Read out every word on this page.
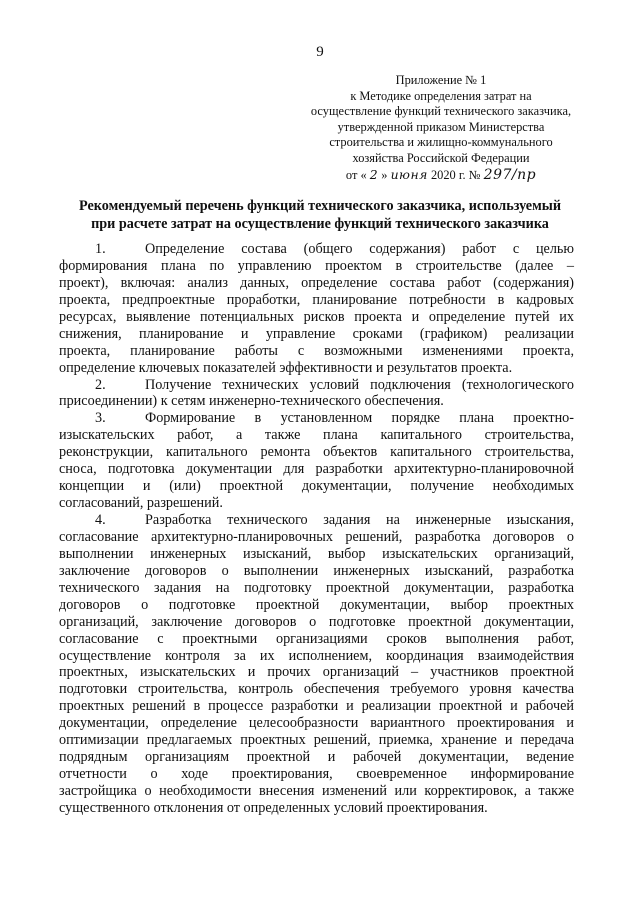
9
Приложение № 1
к Методике определения затрат на
осуществление функций технического заказчика,
утвержденной приказом Министерства
строительства и жилищно-коммунального
хозяйства Российской Федерации
от « 2 » июня 2020 г. № 297/пр
Рекомендуемый перечень функций технического заказчика, используемый
при расчете затрат на осуществление функций технического заказчика
1.	Определение состава (общего содержания) работ с целью
формирования плана по управлению проектом в строительстве (далее –
проект), включая: анализ данных, определение состава работ (содержания)
проекта, предпроектные проработки, планирование потребности в кадровых
ресурсах, выявление потенциальных рисков проекта и определение путей их
снижения, планирование и управление сроками (графиком) реализации
проекта, планирование работы с возможными изменениями проекта,
определение ключевых показателей эффективности и результатов проекта.
2.	Получение технических условий подключения (технологического
присоединении) к сетям инженерно-технического обеспечения.
3.	Формирование в установленном порядке плана проектно-
изыскательских работ, а также плана капитального строительства,
реконструкции, капитального ремонта объектов капитального строительства,
сноса, подготовка документации для разработки архитектурно-планировочной
концепции и (или) проектной документации, получение необходимых
согласований, разрешений.
4.	Разработка технического задания на инженерные изыскания,
согласование архитектурно-планировочных решений, разработка договоров о
выполнении инженерных изысканий, выбор изыскательских организаций,
заключение договоров о выполнении инженерных изысканий, разработка
технического задания на подготовку проектной документации, разработка
договоров о подготовке проектной документации, выбор проектных
организаций, заключение договоров о подготовке проектной документации,
согласование с проектными организациями сроков выполнения работ,
осуществление контроля за их исполнением, координация взаимодействия
проектных, изыскательских и прочих организаций – участников проектной
подготовки строительства, контроль обеспечения требуемого уровня качества
проектных решений в процессе разработки и реализации проектной и рабочей
документации, определение целесообразности вариантного проектирования и
оптимизации предлагаемых проектных решений, приемка, хранение и передача
подрядным организациям проектной и рабочей документации, ведение
отчетности о ходе проектирования, своевременное информирование
застройщика о необходимости внесения изменений или корректировок, а также
существенного отклонения от определенных условий проектирования.
